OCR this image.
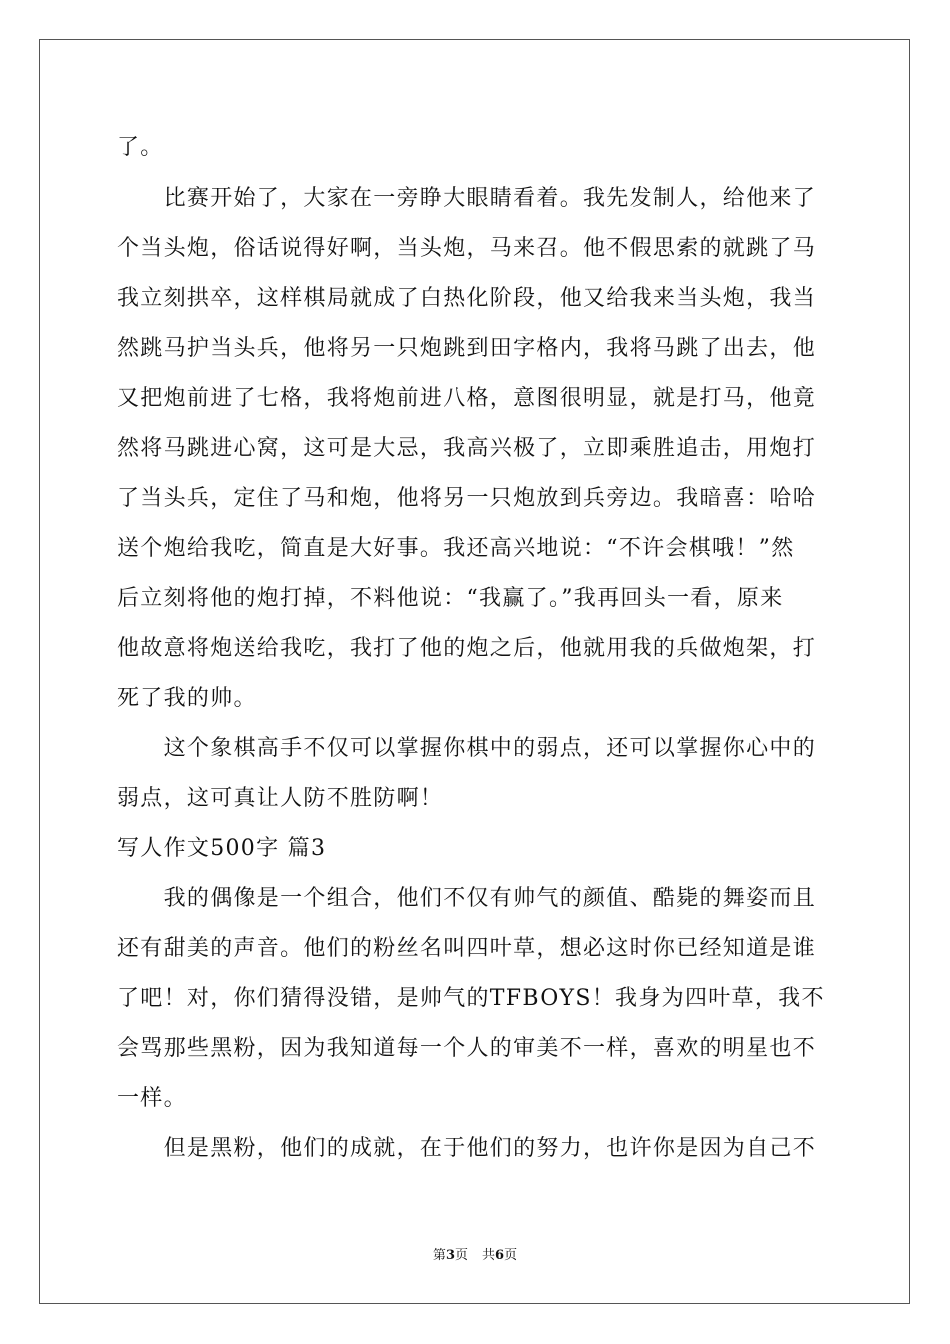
了。
　　比赛开始了，大家在一旁睁大眼睛看着。我先发制人，给他来了
个当头炮，俗话说得好啊，当头炮，马来召。他不假思索的就跳了马
我立刻拱卒，这样棋局就成了白热化阶段，他又给我来当头炮，我当
然跳马护当头兵，他将另一只炮跳到田字格内，我将马跳了出去，他
又把炮前进了七格，我将炮前进八格，意图很明显，就是打马，他竟
然将马跳进心窝，这可是大忌，我高兴极了，立即乘胜追击，用炮打
了当头兵，定住了马和炮，他将另一只炮放到兵旁边。我暗喜：哈哈
送个炮给我吃，简直是大好事。我还高兴地说：“不许会棋哦！”然
后立刻将他的炮打掉，不料他说：“我赢了。”我再回头一看，原来
他故意将炮送给我吃，我打了他的炮之后，他就用我的兵做炮架，打
死了我的帅。
　　这个象棋高手不仅可以掌握你棋中的弱点，还可以掌握你心中的
弱点，这可真让人防不胜防啊！
写人作文500字 篇3
　　我的偶像是一个组合，他们不仅有帅气的颜值、酷毙的舞姿而且
还有甜美的声音。他们的粉丝名叫四叶草，想必这时你已经知道是谁
了吧！对，你们猜得没错，是帅气的TFBOYS！我身为四叶草，我不
会骂那些黑粉，因为我知道每一个人的审美不一样，喜欢的明星也不
一样。
　　但是黑粉，他们的成就，在于他们的努力，也许你是因为自己不
第3页 共6页
